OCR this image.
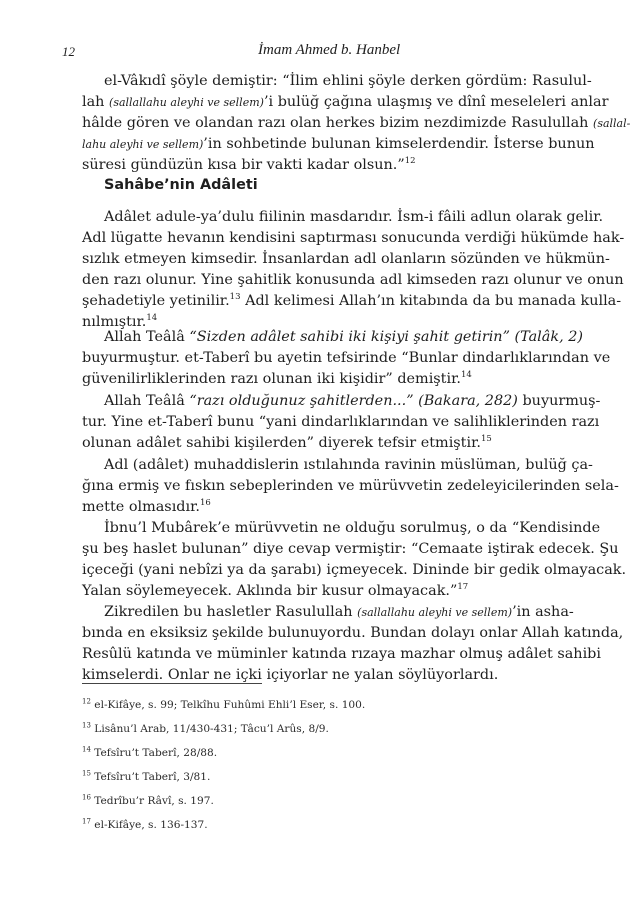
12	İmam Ahmed b. Hanbel

el-Vâkıdî şöyle demiştir: “İlim ehlini şöyle derken gördüm: Rasulul-

lah (sallallahu aleyhi ve sellem)’i bulüğ çağına ulaşmış ve dînî meseleleri anlar

hâlde gören ve olandan razı olan herkes bizim nezdimizde Rasulullah (sallal-

lahu aleyhi ve sellem)’in sohbetinde bulunan kimselerdendir. İsterse bunun

süresi gündüzün kısa bir vakti kadar olsun.”$^{12}$

Sahâbe’nin Adâleti

Adâlet adule-ya’dulu fiilinin masdarıdır. İsm-i fâili adlun olarak gelir.

Adl lügatte hevanın kendisini saptırması sonucunda verdiği hükümde hak-

sızlık etmeyen kimsedir. İnsanlardan adl olanların sözünden ve hükmün-

den razı olunur. Yine şahitlik konusunda adl kimseden razı olunur ve onun

şehadetiyle yetinilir.$^{13}$ Adl kelimesi Allah’ın kitabında da bu manada kulla-

nılmıştır.$^{14}$

Allah Teâlâ “Sizden adâlet sahibi iki kişiyi şahit getirin” (Talâk, 2)

buyurmuştur. et-Taberî bu ayetin tefsirinde “Bunlar dindarlıklarından ve

güvenilirliklerinden razı olunan iki kişidir” demiştir.$^{14}$

Allah Teâlâ “razı olduğunuz şahitlerden...” (Bakara, 282) buyurmuş-

tur. Yine et-Taberî bunu “yani dindarlıklarından ve salihliklerinden razı

olunan adâlet sahibi kişilerden” diyerek tefsir etmiştir.$^{15}$

Adl (adâlet) muhaddislerin ıstılahında ravinin müslüman, bulüğ ça-

ğına ermiş ve fıskın sebeplerinden ve mürüvvetin zedeleyicilerinden sela-

mette olmasıdır.$^{16}$

İbnu’l Mubârek’e mürüvvetin ne olduğu sorulmuş, o da “Kendisinde

şu beş haslet bulunan” diye cevap vermiştir: “Cemaate iştirak edecek. Şu

içeceği (yani nebîzi ya da şarabı) içmeyecek. Dininde bir gedik olmayacak.

Yalan söylemeyecek. Aklında bir kusur olmayacak.”$^{17}$

Zikredilen bu hasletler Rasulullah (sallallahu aleyhi ve sellem)’in asha-

bında en eksiksiz şekilde bulunuyordu. Bundan dolayı onlar Allah katında,

Resûlü katında ve müminler katında rızaya mazhar olmuş adâlet sahibi

kimselerdi. Onlar ne içki içiyorlar ne yalan söylüyorlardı.

$^{12}$ el-Kifâye, s. 99; Telkîhu Fuhûmi Ehli’l Eser, s. 100.
$^{13}$ Lisânu’l Arab, 11/430-431; Tâcu’l Arûs, 8/9.
$^{14}$ Tefsîru’t Taberî, 28/88.
$^{15}$ Tefsîru’t Taberî, 3/81.
$^{16}$ Tedrîbu’r Râvî, s. 197.
$^{17}$ el-Kifâye, s. 136-137.
